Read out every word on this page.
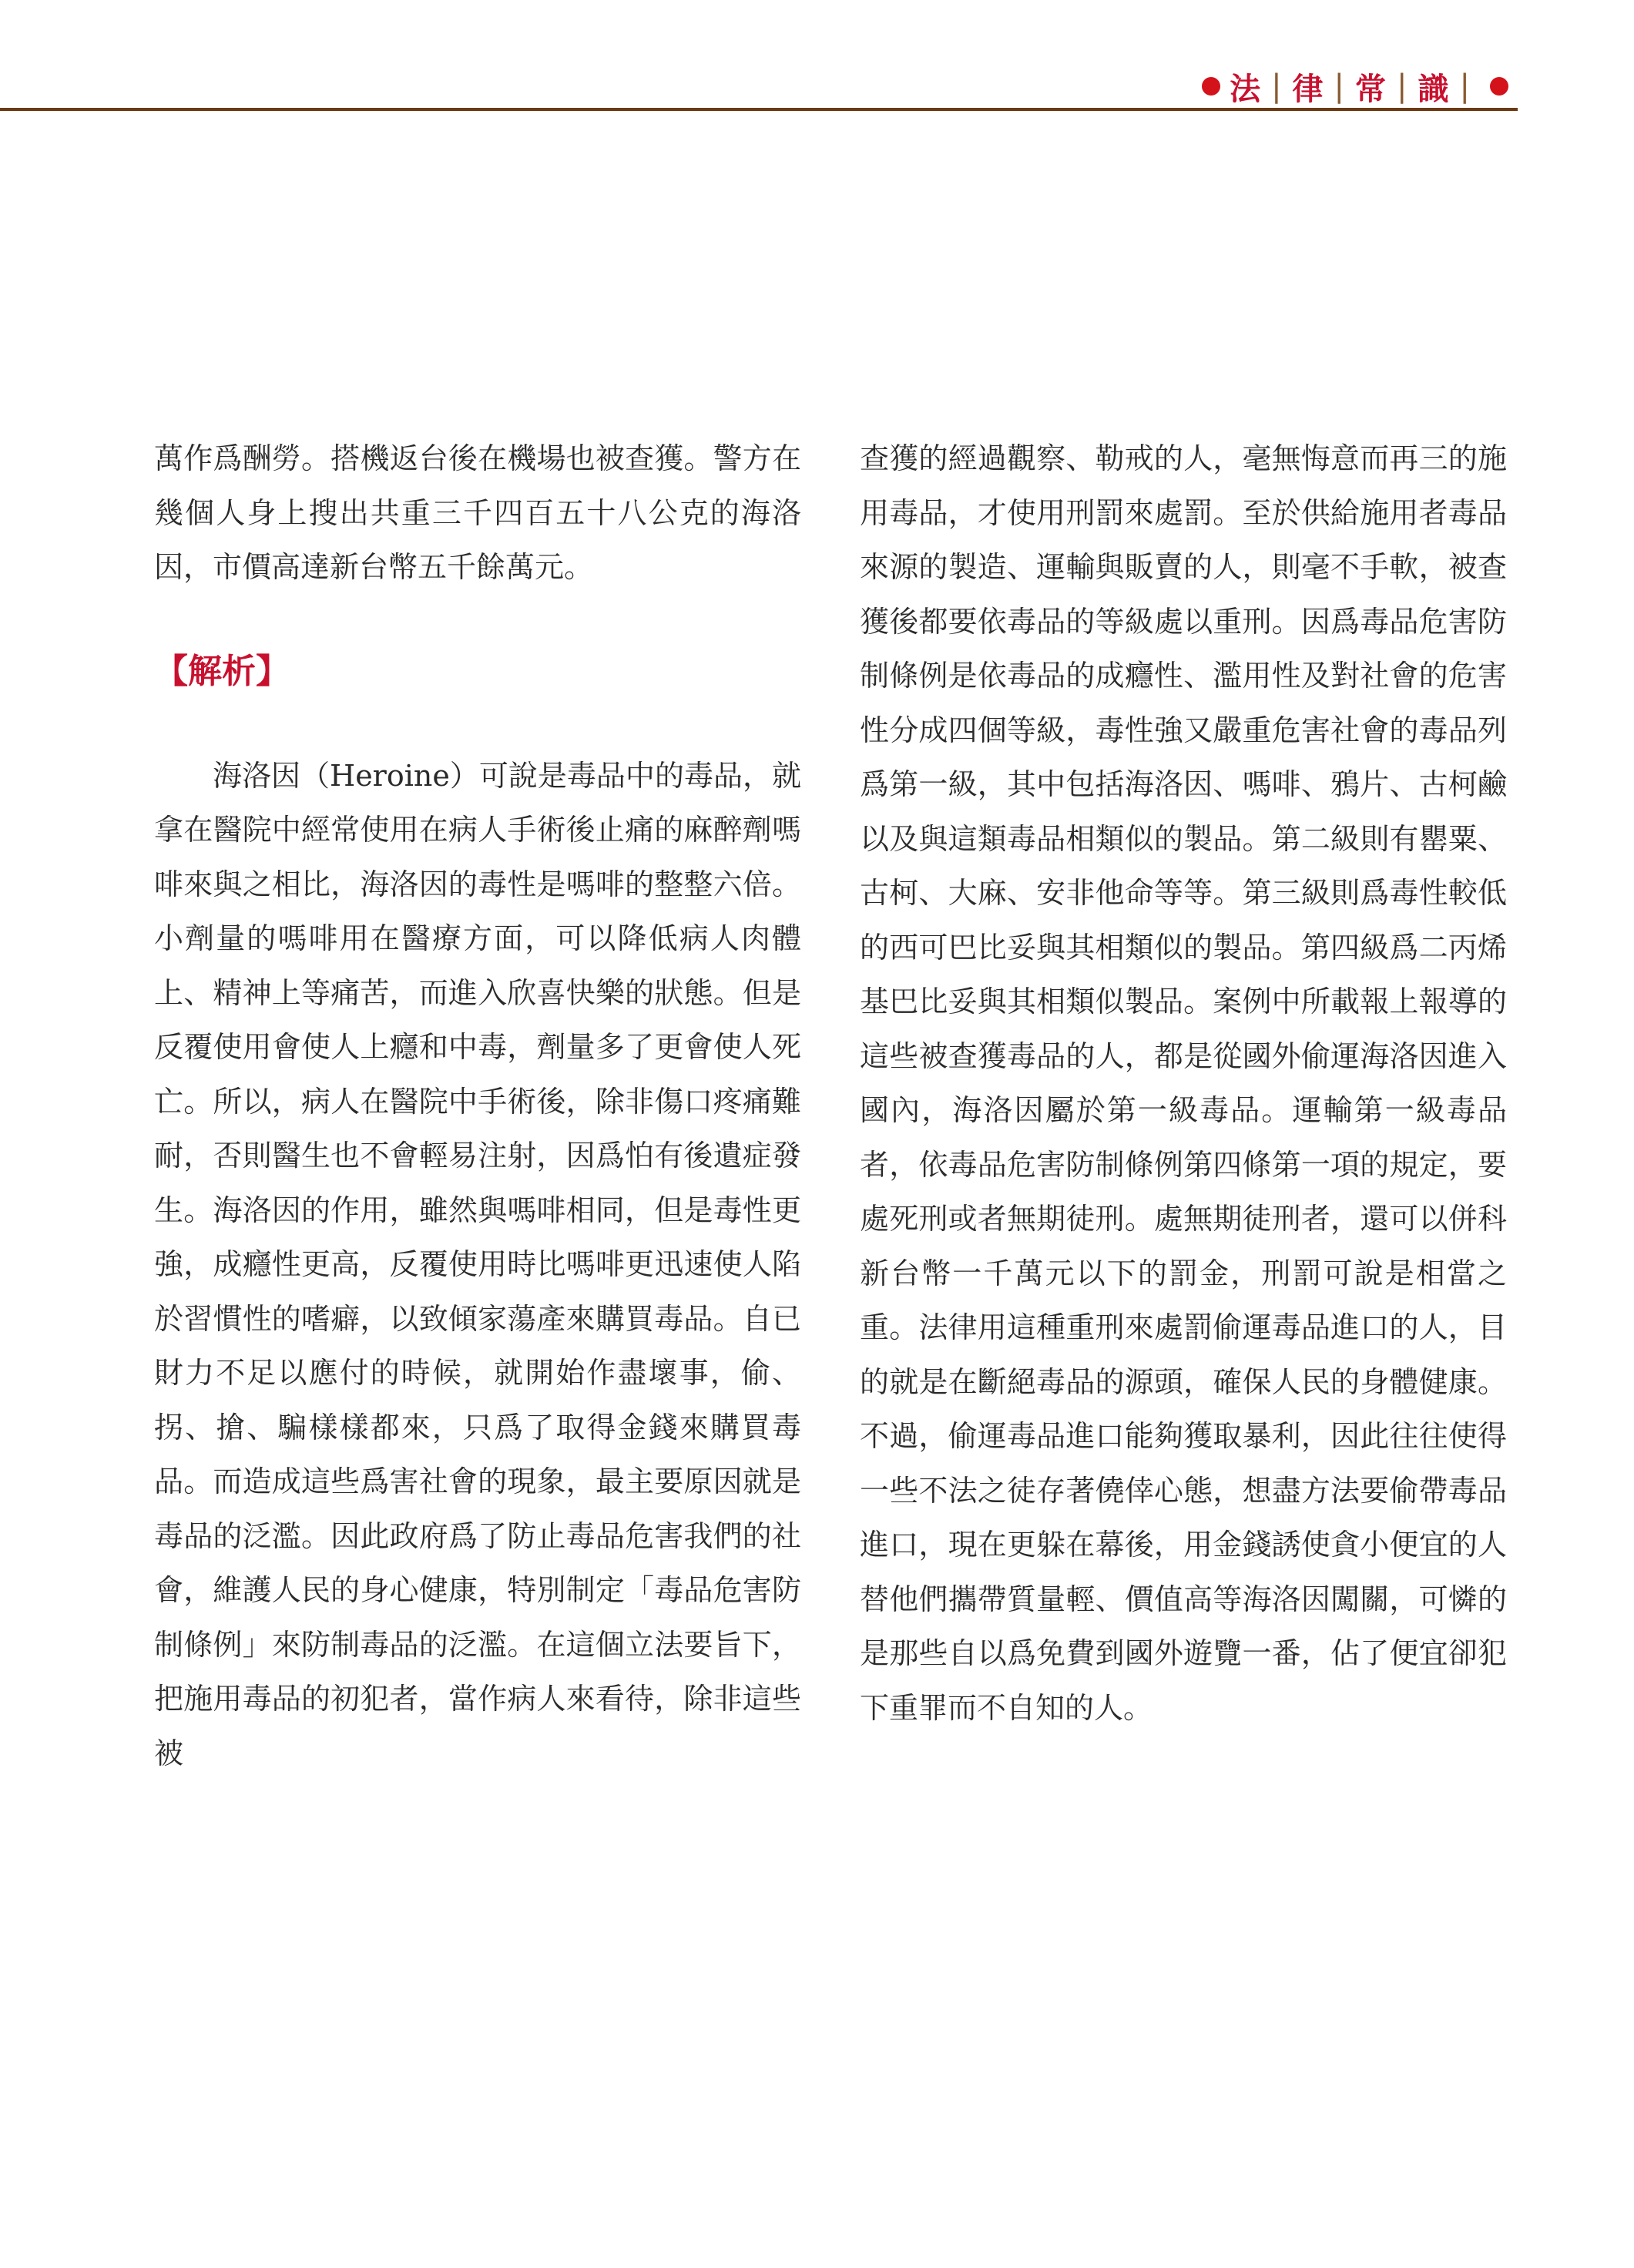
法 | 律 | 常 | 識 |

萬作爲酬勞。搭機返台後在機場也被查獲。警方在幾個人身上搜出共重三千四百五十八公克的海洛因，市價高達新台幣五千餘萬元。

【解析】

海洛因（Heroine）可說是毒品中的毒品，就拿在醫院中經常使用在病人手術後止痛的麻醉劑嗎啡來與之相比，海洛因的毒性是嗎啡的整整六倍。小劑量的嗎啡用在醫療方面，可以降低病人肉體上、精神上等痛苦，而進入欣喜快樂的狀態。但是反覆使用會使人上癮和中毒，劑量多了更會使人死亡。所以，病人在醫院中手術後，除非傷口疼痛難耐，否則醫生也不會輕易注射，因爲怕有後遺症發生。海洛因的作用，雖然與嗎啡相同，但是毒性更強，成癮性更高，反覆使用時比嗎啡更迅速使人陷於習慣性的嗜癖，以致傾家蕩產來購買毒品。自已財力不足以應付的時候，就開始作盡壞事，偷、拐、搶、騙樣樣都來，只爲了取得金錢來購買毒品。而造成這些爲害社會的現象，最主要原因就是毒品的泛濫。因此政府爲了防止毒品危害我們的社會，維護人民的身心健康，特別制定「毒品危害防制條例」來防制毒品的泛濫。在這個立法要旨下，把施用毒品的初犯者，當作病人來看待，除非這些被

查獲的經過觀察、勒戒的人，毫無悔意而再三的施用毒品，才使用刑罰來處罰。至於供給施用者毒品來源的製造、運輸與販賣的人，則毫不手軟，被查獲後都要依毒品的等級處以重刑。因爲毒品危害防制條例是依毒品的成癮性、濫用性及對社會的危害性分成四個等級，毒性強又嚴重危害社會的毒品列爲第一級，其中包括海洛因、嗎啡、鴉片、古柯鹼以及與這類毒品相類似的製品。第二級則有罌粟、古柯、大麻、安非他命等等。第三級則爲毒性較低的西可巴比妥與其相類似的製品。第四級爲二丙烯基巴比妥與其相類似製品。案例中所載報上報導的這些被查獲毒品的人，都是從國外偷運海洛因進入國內，海洛因屬於第一級毒品。運輸第一級毒品者，依毒品危害防制條例第四條第一項的規定，要處死刑或者無期徒刑。處無期徒刑者，還可以併科新台幣一千萬元以下的罰金，刑罰可說是相當之重。法律用這種重刑來處罰偷運毒品進口的人，目的就是在斷絕毒品的源頭，確保人民的身體健康。不過，偷運毒品進口能夠獲取暴利，因此往往使得一些不法之徒存著僥倖心態，想盡方法要偷帶毒品進口，現在更躲在幕後，用金錢誘使貪小便宜的人替他們攜帶質量輕、價值高等海洛因闖關，可憐的是那些自以爲免費到國外遊覽一番，佔了便宜卻犯下重罪而不自知的人。
